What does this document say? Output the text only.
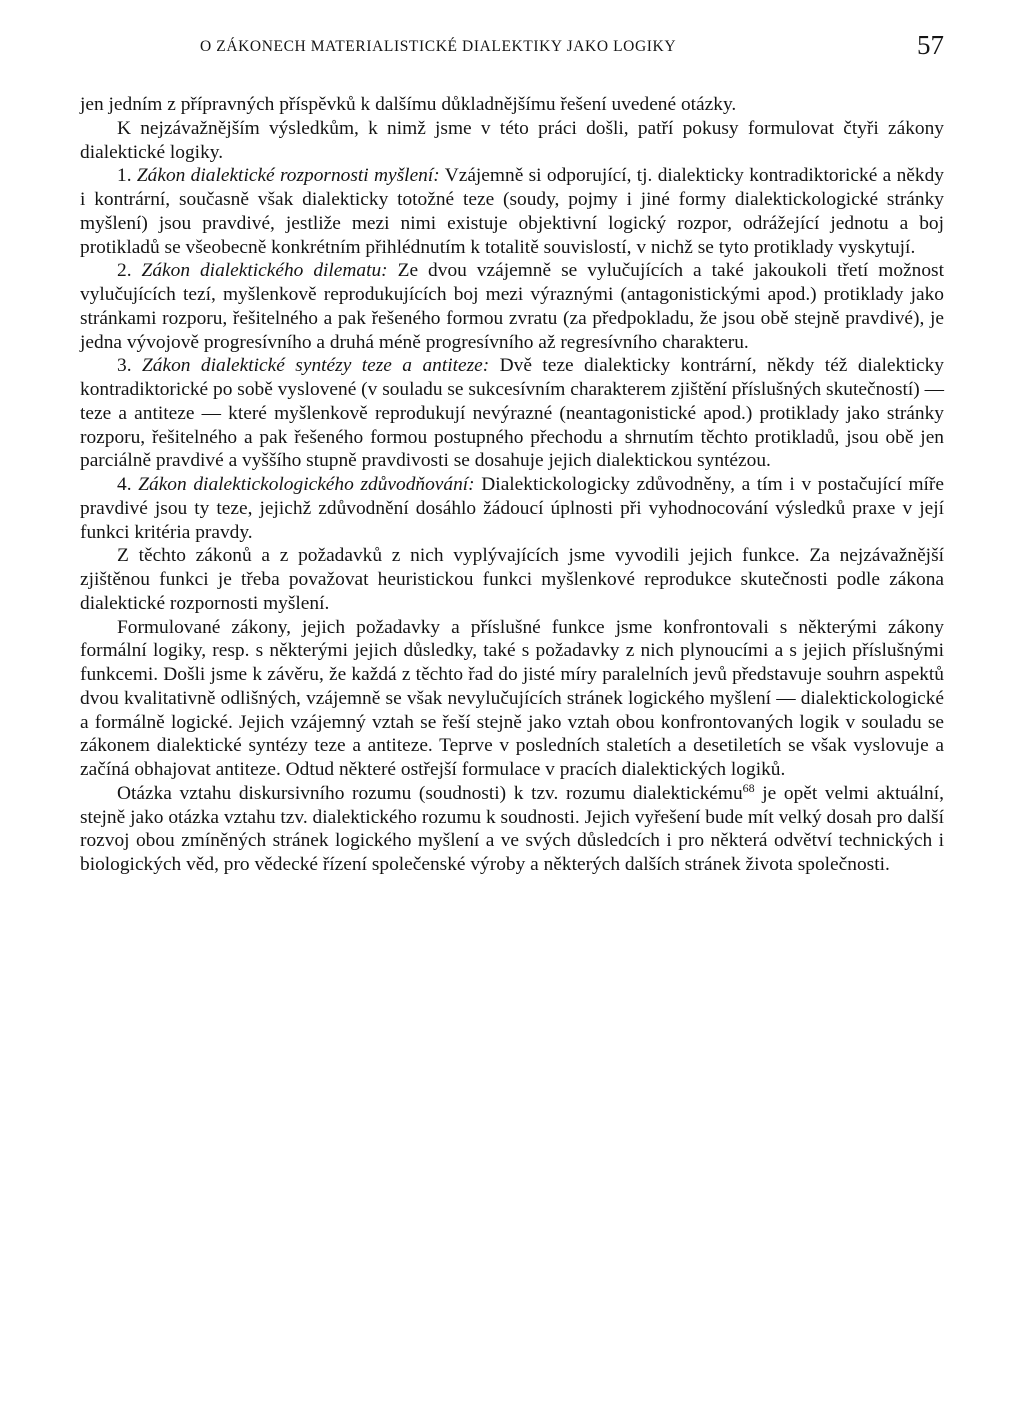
O ZÁKONECH MATERIALISTICKÉ DIALEKTIKY JAKO LOGIKY	57

jen jedním z přípravných příspěvků k dalšímu důkladnějšímu řešení uvedené otázky.

K nejzávažnějším výsledkům, k nimž jsme v této práci došli, patří pokusy formulovat čtyři zákony dialektické logiky.

1. Zákon dialektické rozpornosti myšlení: Vzájemně si odporující, tj. dialekticky kontradiktorické a někdy i kontrární, současně však dialekticky totožné teze (soudy, pojmy i jiné formy dialektickologické stránky myšlení) jsou pravdivé, jestliže mezi nimi existuje objektivní logický rozpor, odrážející jednotu a boj protikladů se všeobecně konkrétním přihlédnutím k totalitě souvislostí, v nichž se tyto protiklady vyskytují.

2. Zákon dialektického dilematu: Ze dvou vzájemně se vylučujících a také jakoukoli třetí možnost vylučujících tezí, myšlenkově reprodukujících boj mezi výraznými (antagonistickými apod.) protiklady jako stránkami rozporu, řešitelného a pak řešeného formou zvratu (za předpokladu, že jsou obě stejně pravdivé), je jedna vývojově progresívního a druhá méně progresívního až regresívního charakteru.

3. Zákon dialektické syntézy teze a antiteze: Dvě teze dialekticky kontrární, někdy též dialekticky kontradiktorické po sobě vyslovené (v souladu se sukcesívním charakterem zjištění příslušných skutečností) — teze a antiteze — které myšlenkově reprodukují nevýrazné (neantagonistické apod.) protiklady jako stránky rozporu, řešitelného a pak řešeného formou postupného přechodu a shrnutím těchto protikladů, jsou obě jen parciálně pravdivé a vyššího stupně pravdivosti se dosahuje jejich dialektickou syntézou.

4. Zákon dialektickologického zdůvodňování: Dialektickologicky zdůvodněny, a tím i v postačující míře pravdivé jsou ty teze, jejichž zdůvodnění dosáhlo žádoucí úplnosti při vyhodnocování výsledků praxe v její funkci kritéria pravdy.

Z těchto zákonů a z požadavků z nich vyplývajících jsme vyvodili jejich funkce. Za nejzávažnější zjištěnou funkci je třeba považovat heuristickou funkci myšlenkové reprodukce skutečnosti podle zákona dialektické rozpornosti myšlení.

Formulované zákony, jejich požadavky a příslušné funkce jsme konfrontovali s některými zákony formální logiky, resp. s některými jejich důsledky, také s požadavky z nich plynoucími a s jejich příslušnými funkcemi. Došli jsme k závěru, že každá z těchto řad do jisté míry paralelních jevů představuje souhrn aspektů dvou kvalitativně odlišných, vzájemně se však nevylučujících stránek logického myšlení — dialektickologické a formálně logické. Jejich vzájemný vztah se řeší stejně jako vztah obou konfrontovaných logik v souladu se zákonem dialektické syntézy teze a antiteze. Teprve v posledních staletích a desetiletích se však vyslovuje a začíná obhajovat antiteze. Odtud některé ostřejší formulace v pracích dialektických logiků.

Otázka vztahu diskursivního rozumu (soudnosti) k tzv. rozumu dialektickému$^{68}$ je opět velmi aktuální, stejně jako otázka vztahu tzv. dialektického rozumu k soudnosti. Jejich vyřešení bude mít velký dosah pro další rozvoj obou zmíněných stránek logického myšlení a ve svých důsledcích i pro některá odvětví technických i biologických věd, pro vědecké řízení společenské výroby a některých dalších stránek života společnosti.
